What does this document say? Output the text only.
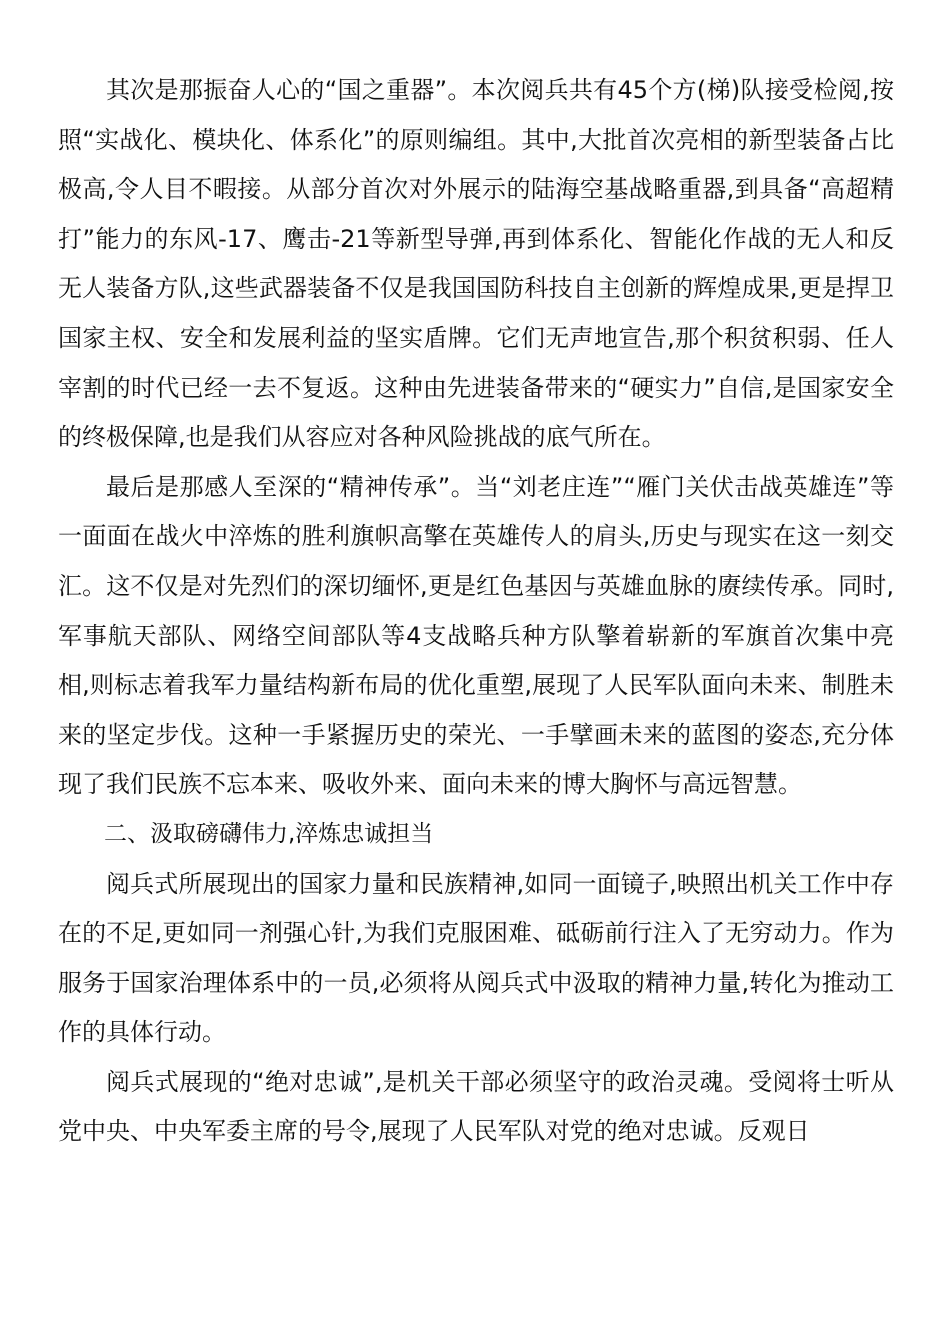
其次是那振奋人心的“国之重器”。本次阅兵共有45个方(梯)队接受检阅,按照“实战化、模块化、体系化”的原则编组。其中,大批首次亮相的新型装备占比极高,令人目不暇接。从部分首次对外展示的陆海空基战略重器,到具备“高超精打”能力的东风-17、鹰击-21等新型导弹,再到体系化、智能化作战的无人和反无人装备方队,这些武器装备不仅是我国国防科技自主创新的辉煌成果,更是捍卫国家主权、安全和发展利益的坚实盾牌。它们无声地宣告,那个积贫积弱、任人宰割的时代已经一去不复返。这种由先进装备带来的“硬实力”自信,是国家安全的终极保障,也是我们从容应对各种风险挑战的底气所在。

最后是那感人至深的“精神传承”。当“刘老庄连”“雁门关伏击战英雄连”等一面面在战火中淬炼的胜利旗帜高擎在英雄传人的肩头,历史与现实在这一刻交汇。这不仅是对先烈们的深切缅怀,更是红色基因与英雄血脉的赓续传承。同时,军事航天部队、网络空间部队等4支战略兵种方队擎着崭新的军旗首次集中亮相,则标志着我军力量结构新布局的优化重塑,展现了人民军队面向未来、制胜未来的坚定步伐。这种一手紧握历史的荣光、一手擘画未来的蓝图的姿态,充分体现了我们民族不忘本来、吸收外来、面向未来的博大胸怀与高远智慧。

二、汲取磅礴伟力,淬炼忠诚担当

阅兵式所展现出的国家力量和民族精神,如同一面镜子,映照出机关工作中存在的不足,更如同一剂强心针,为我们克服困难、砥砺前行注入了无穷动力。作为服务于国家治理体系中的一员,必须将从阅兵式中汲取的精神力量,转化为推动工作的具体行动。

阅兵式展现的“绝对忠诚”,是机关干部必须坚守的政治灵魂。受阅将士听从党中央、中央军委主席的号令,展现了人民军队对党的绝对忠诚。反观日
